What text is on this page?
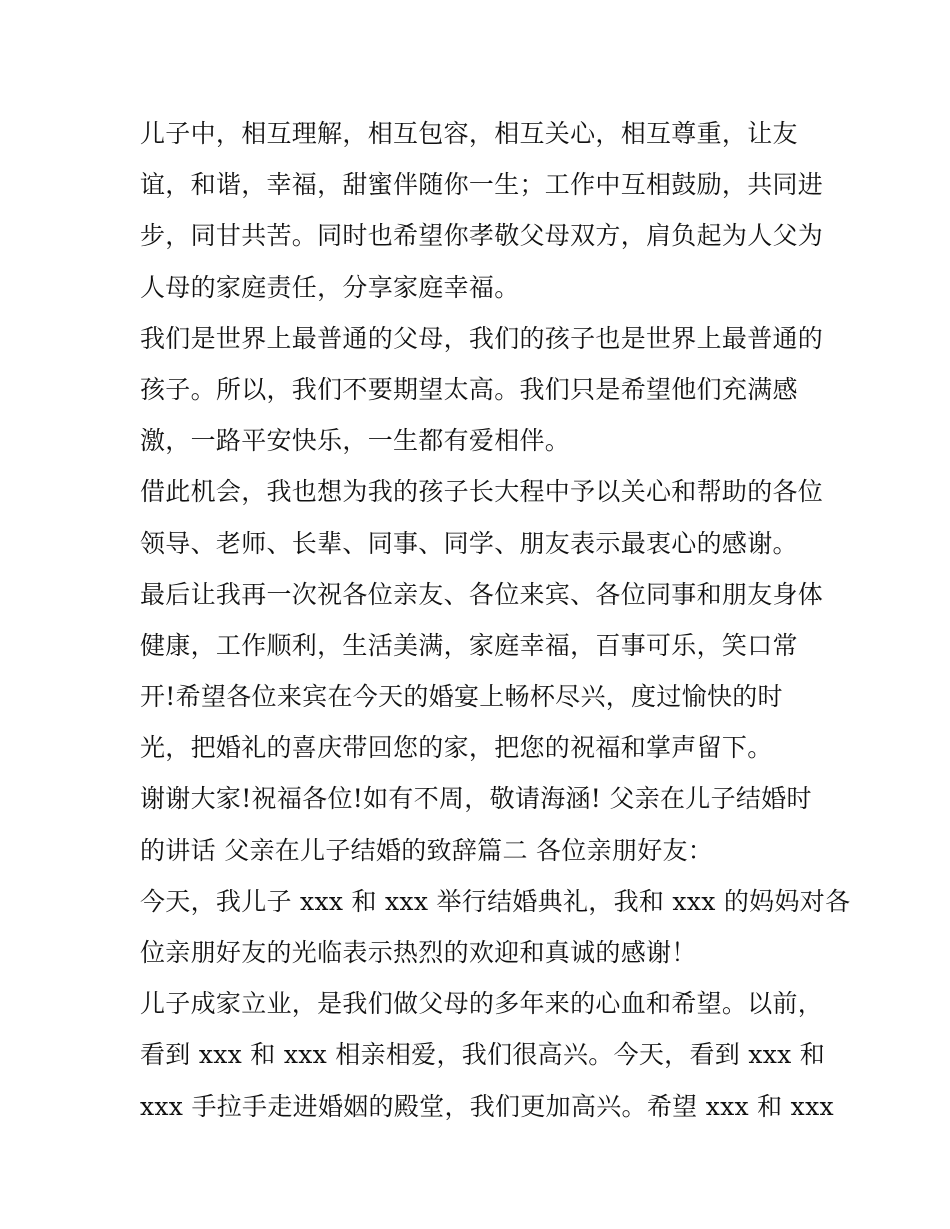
儿子中，相互理解，相互包容，相互关心，相互尊重，让友
谊，和谐，幸福，甜蜜伴随你一生；工作中互相鼓励，共同进
步，同甘共苦。同时也希望你孝敬父母双方，肩负起为人父为
人母的家庭责任，分享家庭幸福。
我们是世界上最普通的父母，我们的孩子也是世界上最普通的
孩子。所以，我们不要期望太高。我们只是希望他们充满感
激，一路平安快乐，一生都有爱相伴。
借此机会，我也想为我的孩子长大程中予以关心和帮助的各位
领导、老师、长辈、同事、同学、朋友表示最衷心的感谢。
最后让我再一次祝各位亲友、各位来宾、各位同事和朋友身体
健康，工作顺利，生活美满，家庭幸福，百事可乐，笑口常
开!希望各位来宾在今天的婚宴上畅杯尽兴，度过愉快的时
光，把婚礼的喜庆带回您的家，把您的祝福和掌声留下。
谢谢大家!祝福各位!如有不周，敬请海涵! 父亲在儿子结婚时
的讲话 父亲在儿子结婚的致辞篇二 各位亲朋好友：
今天，我儿子 xxx 和 xxx 举行结婚典礼，我和 xxx 的妈妈对各
位亲朋好友的光临表示热烈的欢迎和真诚的感谢！
儿子成家立业，是我们做父母的多年来的心血和希望。以前，
看到 xxx 和 xxx 相亲相爱，我们很高兴。今天，看到 xxx 和
xxx 手拉手走进婚姻的殿堂，我们更加高兴。希望 xxx 和 xxx
